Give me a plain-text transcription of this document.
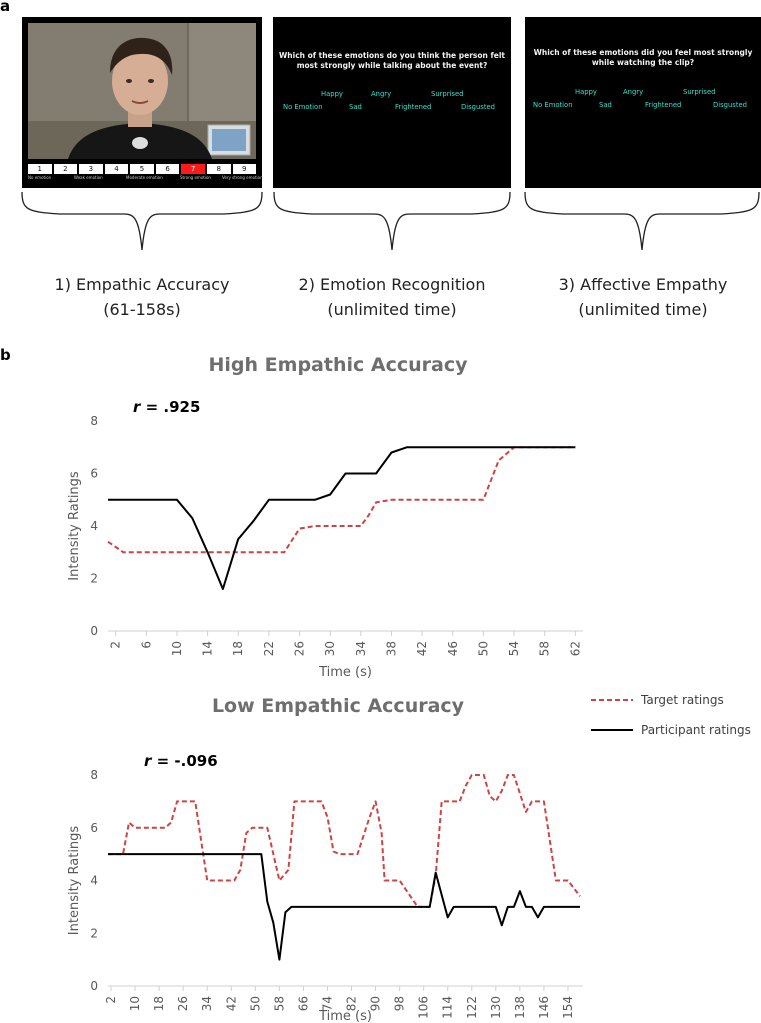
a
b
1	2	3	4	5	6	7	8	9
No emotion	Weak emotion	Moderate emotion	Strong emotion	Very strong emotion
Which of these emotions do you think the person felt
most strongly while talking about the event?
Happy	Angry	Surprised
No Emotion	Sad	Frightened	Disgusted
Which of these emotions did you feel most strongly
while watching the clip?
Happy	Angry	Surprised
No Emotion	Sad	Frightened	Disgusted
1) Empathic Accuracy
(61-158s)
2) Emotion Recognition
(unlimited time)
3) Affective Empathy
(unlimited time)
High Empathic Accuracy
r = .925
Low Empathic Accuracy
r = -.096
0
2
4
6
8
2 6 10 14 18 22 26 30 34 38 42 46 50 54 58 62
Time (s)
Intensity Ratings
0
2
4
6
8
2 10 18 26 34 42 50 58 66 74 82 90 98 106 114 122 130 138 146 154
Time (s)
Intensity Ratings
Target ratings
Participant ratings
